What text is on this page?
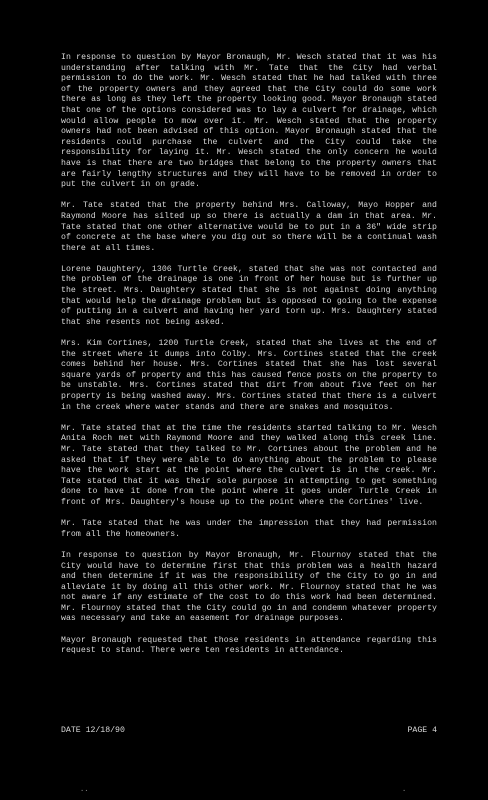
In response to question by Mayor Bronaugh, Mr. Wesch stated that it was his understanding after talking with Mr. Tate that the City had verbal permission to do the work. Mr. Wesch stated that he had talked with three of the property owners and they agreed that the City could do some work there as long as they left the property looking good. Mayor Bronaugh stated that one of the options considered was to lay a culvert for drainage, which would allow people to mow over it. Mr. Wesch stated that the property owners had not been advised of this option. Mayor Bronaugh stated that the residents could purchase the culvert and the City could take the responsibility for laying it. Mr. Wesch stated the only concern he would have is that there are two bridges that belong to the property owners that are fairly lengthy structures and they will have to be removed in order to put the culvert in on grade.

Mr. Tate stated that the property behind Mrs. Calloway, Mayo Hopper and Raymond Moore has silted up so there is actually a dam in that area. Mr. Tate stated that one other alternative would be to put in a 36" wide strip of concrete at the base where you dig out so there will be a continual wash there at all times.

Lorene Daughtery, 1306 Turtle Creek, stated that she was not contacted and the problem of the drainage is one in front of her house but is further up the street. Mrs. Daughtery stated that she is not against doing anything that would help the drainage problem but is opposed to going to the expense of putting in a culvert and having her yard torn up. Mrs. Daughtery stated that she resents not being asked.

Mrs. Kim Cortines, 1200 Turtle Creek, stated that she lives at the end of the street where it dumps into Colby. Mrs. Cortines stated that the creek comes behind her house. Mrs. Cortines stated that she has lost several square yards of property and this has caused fence posts on the property to be unstable. Mrs. Cortines stated that dirt from about five feet on her property is being washed away. Mrs. Cortines stated that there is a culvert in the creek where water stands and there are snakes and mosquitos.

Mr. Tate stated that at the time the residents started talking to Mr. Wesch Anita Roch met with Raymond Moore and they walked along this creek line. Mr. Tate stated that they talked to Mr. Cortines about the problem and he asked that if they were able to do anything about the problem to please have the work start at the point where the culvert is in the creek. Mr. Tate stated that it was their sole purpose in attempting to get something done to have it done from the point where it goes under Turtle Creek in front of Mrs. Daughtery's house up to the point where the Cortines' live.

Mr. Tate stated that he was under the impression that they had permission from all the homeowners.

In response to question by Mayor Bronaugh, Mr. Flournoy stated that the City would have to determine first that this problem was a health hazard and then determine if it was the responsibility of the City to go in and alleviate it by doing all this other work. Mr. Flournoy stated that he was not aware if any estimate of the cost to do this work had been determined. Mr. Flournoy stated that the City could go in and condemn whatever property was necessary and take an easement for drainage purposes.

Mayor Bronaugh requested that those residents in attendance regarding this request to stand. There were ten residents in attendance.

DATE 12/18/90	PAGE 4
..	.
